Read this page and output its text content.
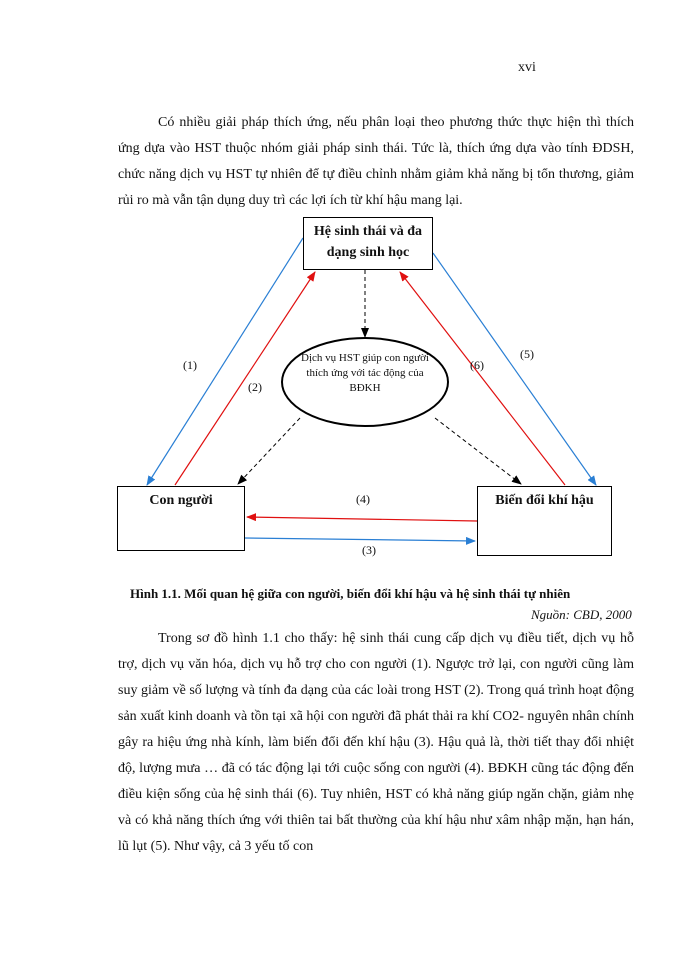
xvi

Có nhiều giải pháp thích ứng, nếu phân loại theo phương thức thực hiện thì thích ứng dựa vào HST thuộc nhóm giải pháp sinh thái. Tức là, thích ứng dựa vào tính ĐDSH, chức năng dịch vụ HST tự nhiên để tự điều chỉnh nhằm giảm khả năng bị tổn thương, giảm rủi ro mà vẫn tận dụng duy trì các lợi ích từ khí hậu mang lại.

Hệ sinh thái và đa dạng sinh học
Con người	Biến đổi khí hậu
Dịch vụ HST giúp con người thích ứng với tác động của BĐKH
(1)
(2)
(5)
(6)
(4)
(3)

Hình 1.1. Mối quan hệ giữa con người, biến đổi khí hậu và hệ sinh thái tự nhiên

Nguồn: CBD, 2000

Trong sơ đồ hình 1.1 cho thấy: hệ sinh thái cung cấp dịch vụ điều tiết, dịch vụ hỗ trợ, dịch vụ văn hóa, dịch vụ hỗ trợ cho con người (1). Ngược trở lại, con người cũng làm suy giảm về số lượng và tính đa dạng của các loài trong HST (2). Trong quá trình hoạt động sản xuất kinh doanh và tồn tại xã hội con người đã phát thải ra khí CO2- nguyên nhân chính gây ra hiệu ứng nhà kính, làm biến đổi đến khí hậu (3). Hậu quả là, thời tiết thay đổi nhiệt độ, lượng mưa … đã có tác động lại tới cuộc sống con người (4). BĐKH cũng tác động đến điều kiện sống của hệ sinh thái (6). Tuy nhiên, HST có khả năng giúp ngăn chặn, giảm nhẹ và có khả năng thích ứng với thiên tai bất thường của khí hậu như xâm nhập mặn, hạn hán, lũ lụt (5). Như vậy, cả 3 yếu tố con
